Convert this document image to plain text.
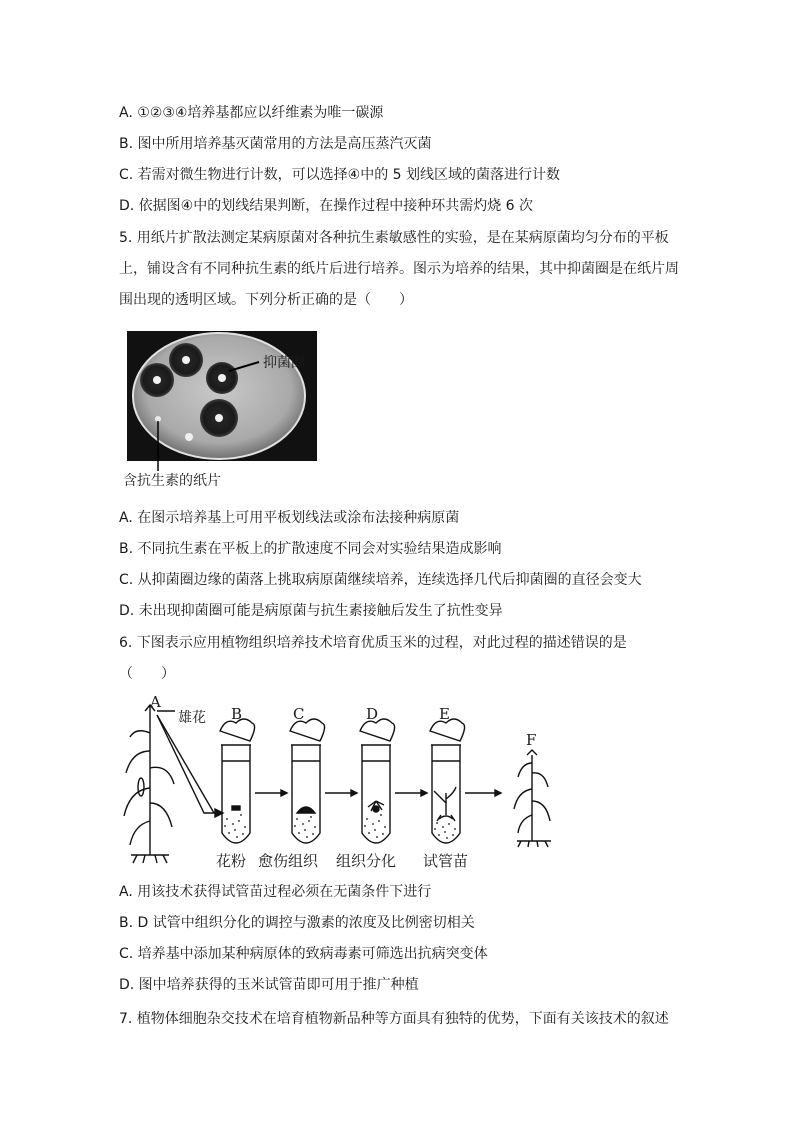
A. ①②③④培养基都应以纤维素为唯一碳源
B. 图中所用培养基灭菌常用的方法是高压蒸汽灭菌
C. 若需对微生物进行计数，可以选择④中的 5 划线区域的菌落进行计数
D. 依据图④中的划线结果判断，在操作过程中接种环共需灼烧 6 次
5. 用纸片扩散法测定某病原菌对各种抗生素敏感性的实验，是在某病原菌均匀分布的平板
上，铺设含有不同种抗生素的纸片后进行培养。图示为培养的结果，其中抑菌圈是在纸片周
围出现的透明区域。下列分析正确的是（　　）
抑菌圈
含抗生素的纸片
A. 在图示培养基上可用平板划线法或涂布法接种病原菌
B. 不同抗生素在平板上的扩散速度不同会对实验结果造成影响
C. 从抑菌圈边缘的菌落上挑取病原菌继续培养，连续选择几代后抑菌圈的直径会变大
D. 未出现抑菌圈可能是病原菌与抗生素接触后发生了抗性变异
6. 下图表示应用植物组织培养技术培育优质玉米的过程，对此过程的描述错误的是
（　　）
A
雄花 B	C	D	E
F
花粉 愈伤组织 组织分化 试管苗
A. 用该技术获得试管苗过程必须在无菌条件下进行
B. D 试管中组织分化的调控与激素的浓度及比例密切相关
C. 培养基中添加某种病原体的致病毒素可筛选出抗病突变体
D. 图中培养获得的玉米试管苗即可用于推广种植
7. 植物体细胞杂交技术在培育植物新品种等方面具有独特的优势，下面有关该技术的叙述
